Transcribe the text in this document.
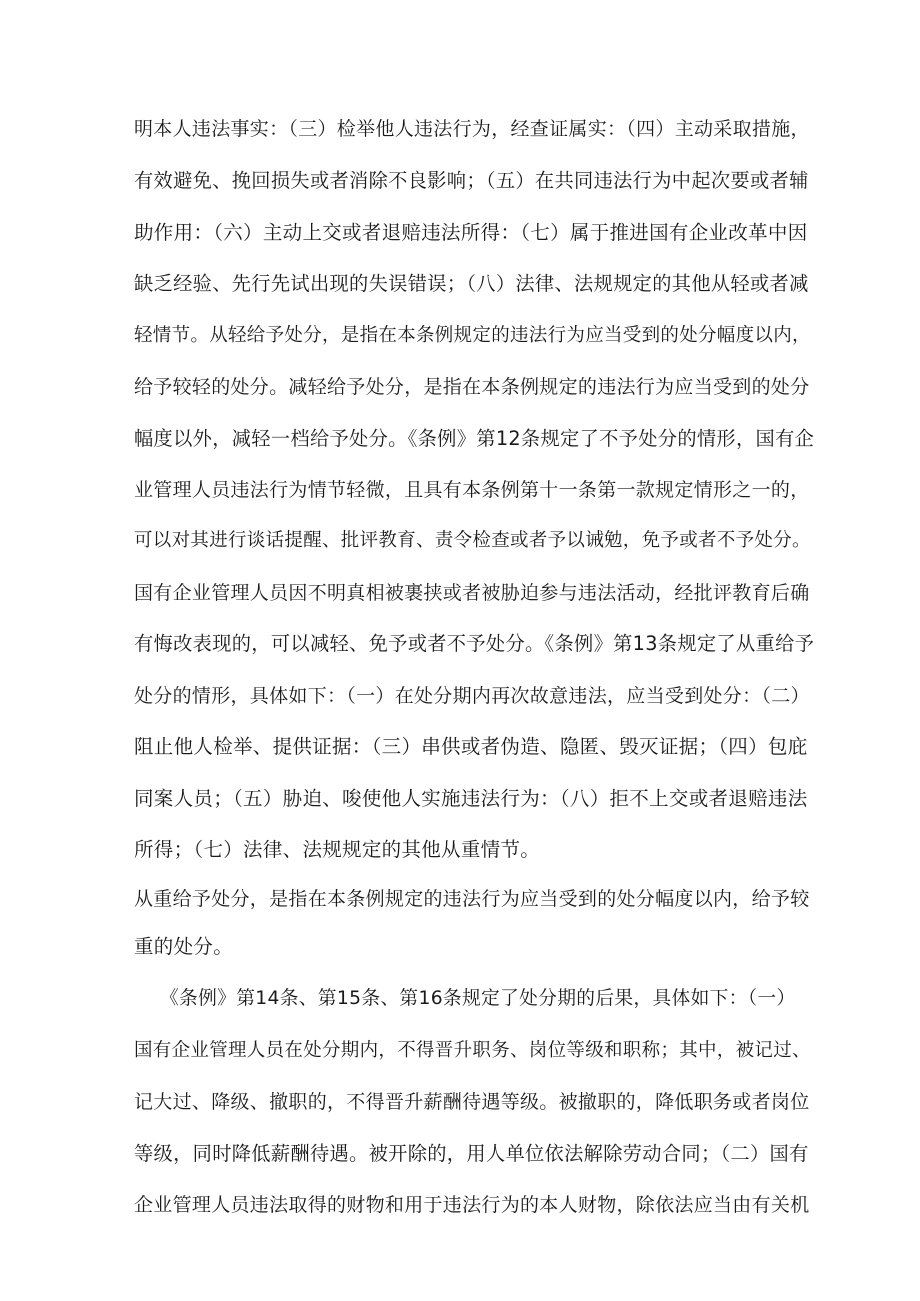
明本人违法事实：（三）检举他人违法行为，经查证属实：（四）主动采取措施，
有效避免、挽回损失或者消除不良影响；（五）在共同违法行为中起次要或者辅
助作用：（六）主动上交或者退赔违法所得：（七）属于推进国有企业改革中因
缺乏经验、先行先试出现的失误错误；（八）法律、法规规定的其他从轻或者减
轻情节。从轻给予处分，是指在本条例规定的违法行为应当受到的处分幅度以内，
给予较轻的处分。减轻给予处分，是指在本条例规定的违法行为应当受到的处分
幅度以外，减轻一档给予处分。《条例》第12条规定了不予处分的情形，国有企
业管理人员违法行为情节轻微，且具有本条例第十一条第一款规定情形之一的，
可以对其进行谈话提醒、批评教育、责令检查或者予以诫勉，免予或者不予处分。
国有企业管理人员因不明真相被裹挟或者被胁迫参与违法活动，经批评教育后确
有悔改表现的，可以减轻、免予或者不予处分。《条例》第13条规定了从重给予
处分的情形，具体如下：（一）在处分期内再次故意违法，应当受到处分：（二）
阻止他人检举、提供证据：（三）串供或者伪造、隐匿、毁灭证据；（四）包庇
同案人员；（五）胁迫、唆使他人实施违法行为：（八）拒不上交或者退赔违法
所得；（七）法律、法规规定的其他从重情节。
从重给予处分，是指在本条例规定的违法行为应当受到的处分幅度以内，给予较
重的处分。
《条例》第14条、第15条、第16条规定了处分期的后果，具体如下：（一）
国有企业管理人员在处分期内，不得晋升职务、岗位等级和职称；其中，被记过、
记大过、降级、撤职的，不得晋升薪酬待遇等级。被撤职的，降低职务或者岗位
等级，同时降低薪酬待遇。被开除的，用人单位依法解除劳动合同；（二）国有
企业管理人员违法取得的财物和用于违法行为的本人财物，除依法应当由有关机
